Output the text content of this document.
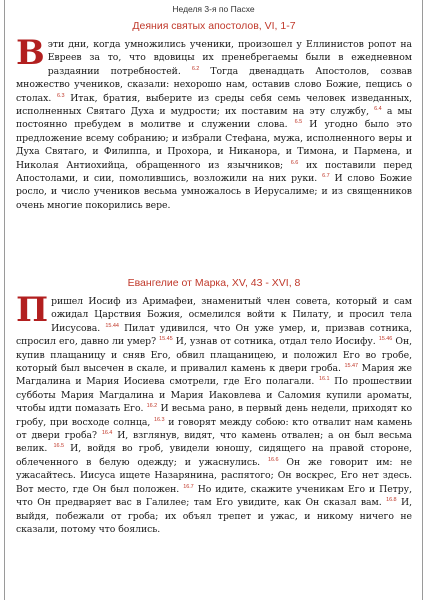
Неделя 3-я по Пасхе
Деяния святых апостолов, VI, 1-7

В эти дни, когда умножились ученики, произошел у Еллинистов ропот на Евреев за то, что вдовицы их пренебрегаемы были в ежедневном раздаянии потребностей. $^{6.2}$ Тогда двенадцать Апостолов, созвав множество учеников, сказали: нехорошо нам, оставив слово Божие, пещись о столах. $^{6.3}$ Итак, братия, выберите из среды себя семь человек изведанных, исполненных Святаго Духа и мудрости; их поставим на эту службу, $^{6.4}$ а мы постоянно пребудем в молитве и служении слова. $^{6.5}$ И угодно было это предложение всему собранию; и избрали Стефана, мужа, исполненного веры и Духа Святаго, и Филиппа, и Прохора, и Никанора, и Тимона, и Пармена, и Николая Антиохийца, обращенного из язычников; $^{6.6}$ их поставили перед Апостолами, и сии, помолившись, возложили на них руки. $^{6.7}$ И слово Божие росло, и число учеников весьма умножалось в Иерусалиме; и из священников очень многие покорились вере.

Евангелие от Марка, XV, 43 - XVI, 8

П ришел Иосиф из Аримафеи, знаменитый член совета, который и сам ожидал Царствия Божия, осмелился войти к Пилату, и просил тела Иисусова. $^{15.44}$ Пилат удивился, что Он уже умер, и, призвав сотника, спросил его, давно ли умер? $^{15.45}$ И, узнав от сотника, отдал тело Иосифу. $^{15.46}$ Он, купив плащаницу и сняв Его, обвил плащаницею, и положил Его во гробе, который был высечен в скале, и привалил камень к двери гроба. $^{15.47}$ Мария же Магдалина и Мария Иосиева смотрели, где Его полагали. $^{16.1}$ По прошествии субботы Мария Магдалина и Мария Иаковлева и Саломия купили ароматы, чтобы идти помазать Его. $^{16.2}$ И весьма рано, в первый день недели, приходят ко гробу, при восходе солнца, $^{16.3}$ и говорят между собою: кто отвалит нам камень от двери гроба? $^{16.4}$ И, взглянув, видят, что камень отвален; а он был весьма велик. $^{16.5}$ И, войдя во гроб, увидели юношу, сидящего на правой стороне, облеченного в белую одежду; и ужаснулись. $^{16.6}$ Он же говорит им: не ужасайтесь. Иисуса ищете Назарянина, распятого; Он воскрес, Его нет здесь. Вот место, где Он был положен. $^{16.7}$ Но идите, скажите ученикам Его и Петру, что Он предваряет вас в Галилее; там Его увидите, как Он сказал вам. $^{16.8}$ И, выйдя, побежали от гроба; их объял трепет и ужас, и никому ничего не сказали, потому что боялись.
